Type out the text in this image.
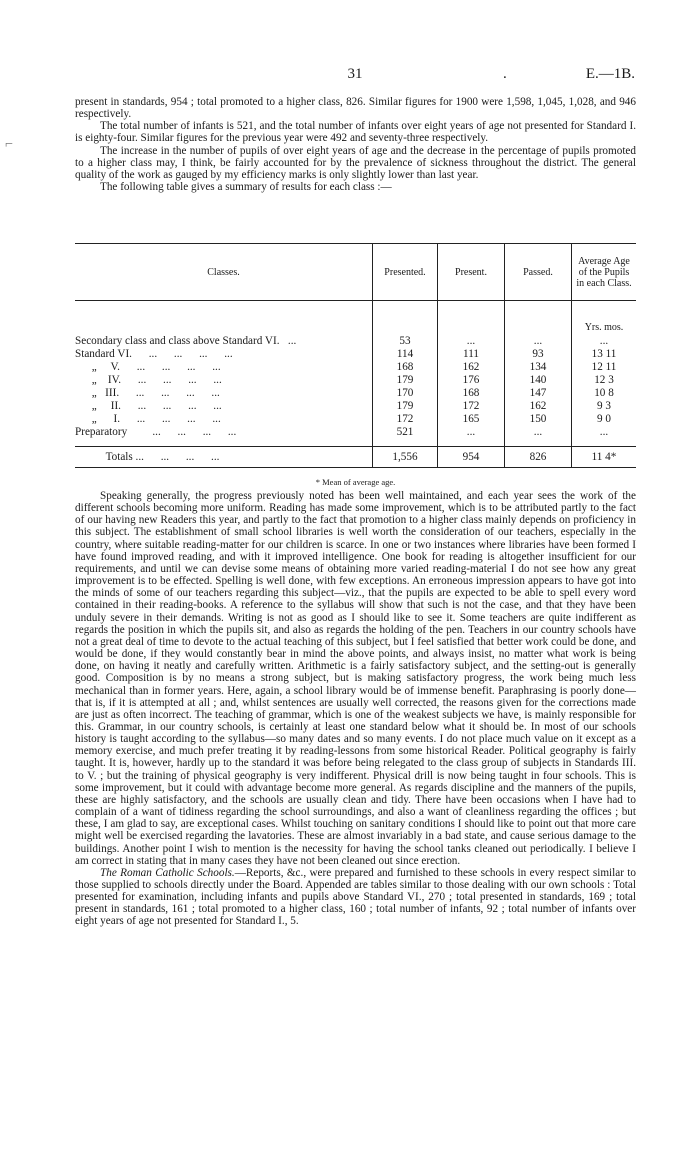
31	.	E.—1B.
⌐

present in standards, 954 ; total promoted to a higher class, 826. Similar figures for 1900 were 1,598, 1,045, 1,028, and 946 respectively.

The total number of infants is 521, and the total number of infants over eight years of age not presented for Standard I. is eighty-four. Similar figures for the previous year were 492 and seventy-three respectively.

The increase in the number of pupils of over eight years of age and the decrease in the percentage of pupils promoted to a higher class may, I think, be fairly accounted for by the prevalence of sickness throughout the district. The general quality of the work as gauged by my efficiency marks is only slightly lower than last year.

The following table gives a summary of results for each class :—

Classes.	Presented.	Present.	Passed.	Average Age of the Pupils in each Class.
				Yrs. mos.
Secondary class and class above Standard VI.   ...	53	...	...	...
Standard VI.      ...      ...      ...      ...	114	111	93	13 11
„     V.      ...      ...      ...      ...	168	162	134	12 11
„    IV.      ...      ...      ...      ...	179	176	140	12 3
„   III.      ...      ...      ...      ...	170	168	147	10 8
„     II.      ...      ...      ...      ...	179	172	162	9 3
„      I.      ...      ...      ...      ...	172	165	150	9 0
Preparatory         ...      ...      ...      ...	521	...	...	...

Totals ...      ...      ...      ...	1,556	954	826	11 4*
* Mean of average age.

Speaking generally, the progress previously noted has been well maintained, and each year sees the work of the different schools becoming more uniform. Reading has made some improvement, which is to be attributed partly to the fact of our having new Readers this year, and partly to the fact that promotion to a higher class mainly depends on proficiency in this subject. The establishment of small school libraries is well worth the consideration of our teachers, especially in the country, where suitable reading-matter for our children is scarce. In one or two instances where libraries have been formed I have found improved reading, and with it improved intelligence. One book for reading is altogether insufficient for our requirements, and until we can devise some means of obtaining more varied reading-material I do not see how any great improvement is to be effected. Spelling is well done, with few exceptions. An erroneous impression appears to have got into the minds of some of our teachers regarding this subject—viz., that the pupils are expected to be able to spell every word contained in their reading-books. A reference to the syllabus will show that such is not the case, and that they have been unduly severe in their demands. Writing is not as good as I should like to see it. Some teachers are quite indifferent as regards the position in which the pupils sit, and also as regards the holding of the pen. Teachers in our country schools have not a great deal of time to devote to the actual teaching of this subject, but I feel satisfied that better work could be done, and would be done, if they would constantly bear in mind the above points, and always insist, no matter what work is being done, on having it neatly and carefully written. Arithmetic is a fairly satisfactory subject, and the setting-out is generally good. Composition is by no means a strong subject, but is making satisfactory progress, the work being much less mechanical than in former years. Here, again, a school library would be of immense benefit. Paraphrasing is poorly done—that is, if it is attempted at all ; and, whilst sentences are usually well corrected, the reasons given for the corrections made are just as often incorrect. The teaching of grammar, which is one of the weakest subjects we have, is mainly responsible for this. Grammar, in our country schools, is certainly at least one standard below what it should be. In most of our schools history is taught according to the syllabus—so many dates and so many events. I do not place much value on it except as a memory exercise, and much prefer treating it by reading-lessons from some historical Reader. Political geography is fairly taught. It is, however, hardly up to the standard it was before being relegated to the class group of subjects in Standards III. to V. ; but the training of physical geography is very indifferent. Physical drill is now being taught in four schools. This is some improvement, but it could with advantage become more general. As regards discipline and the manners of the pupils, these are highly satisfactory, and the schools are usually clean and tidy. There have been occasions when I have had to complain of a want of tidiness regarding the school surroundings, and also a want of cleanliness regarding the offices ; but these, I am glad to say, are exceptional cases. Whilst touching on sanitary conditions I should like to point out that more care might well be exercised regarding the lavatories. These are almost invariably in a bad state, and cause serious damage to the buildings. Another point I wish to mention is the necessity for having the school tanks cleaned out periodically. I believe I am correct in stating that in many cases they have not been cleaned out since erection.

The Roman Catholic Schools.—Reports, &c., were prepared and furnished to these schools in every respect similar to those supplied to schools directly under the Board. Appended are tables similar to those dealing with our own schools : Total presented for examination, including infants and pupils above Standard VI., 270 ; total presented in standards, 169 ; total present in standards, 161 ; total promoted to a higher class, 160 ; total number of infants, 92 ; total number of infants over eight years of age not presented for Standard I., 5.
